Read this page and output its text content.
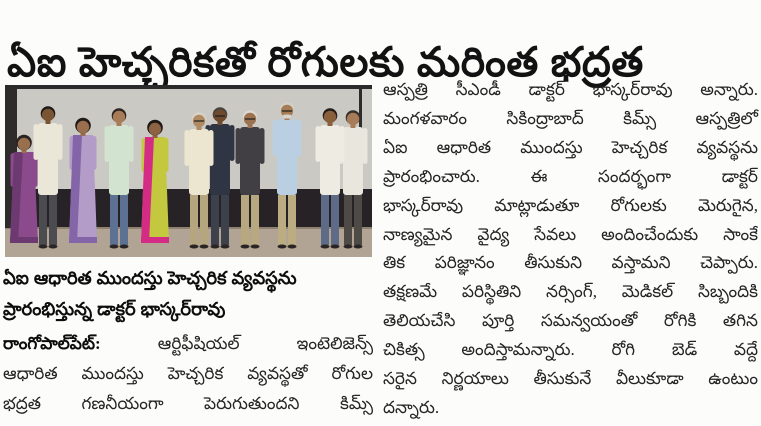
ఏఐ హెచ్చరికతో రోగులకు మరింత భద్రత
ఏఐ ఆధారిత ముందస్తు హెచ్చరిక వ్యవస్థను
ప్రారంభిస్తున్న డాక్టర్ భాస్కర్‌రావు
రాంగోపాల్‌పేట్:	ఆర్టిఫీషియల్ ఇంటెలిజెన్స్
ఆధారిత ముందస్తు హెచ్చరిక వ్యవస్థతో రోగుల
భద్రత గణనీయంగా పెరుగుతుందని కిమ్స్
ఆస్పత్రి సీఎండీ డాక్టర్ భాస్కర్‌రావు అన్నారు.
మంగళవారం సికింద్రాబాద్ కిమ్స్ ఆస్పత్రిలో
ఏఐ ఆధారిత ముందస్తు హెచ్చరిక వ్యవస్థను
ప్రారంభించారు. ఈ సందర్భంగా డాక్టర్
భాస్కర్‌రావు మాట్లాడుతూ రోగులకు మెరుగైన,
నాణ్యమైన వైద్య సేవలు అందించేందుకు సాంకే
తిక పరిజ్ఞానం తీసుకుని వస్తామని చెప్పారు.
తక్షణమే పరిస్థితిని నర్సింగ్, మెడికల్ సిబ్బందికి
తెలియచేసి పూర్తి సమన్వయంతో రోగికి తగిన
చికిత్స అందిస్తామన్నారు. రోగి బెడ్ వద్దే
సరైన నిర్ణయాలు తీసుకునే వీలుకూడా ఉంటుం
దన్నారు.
